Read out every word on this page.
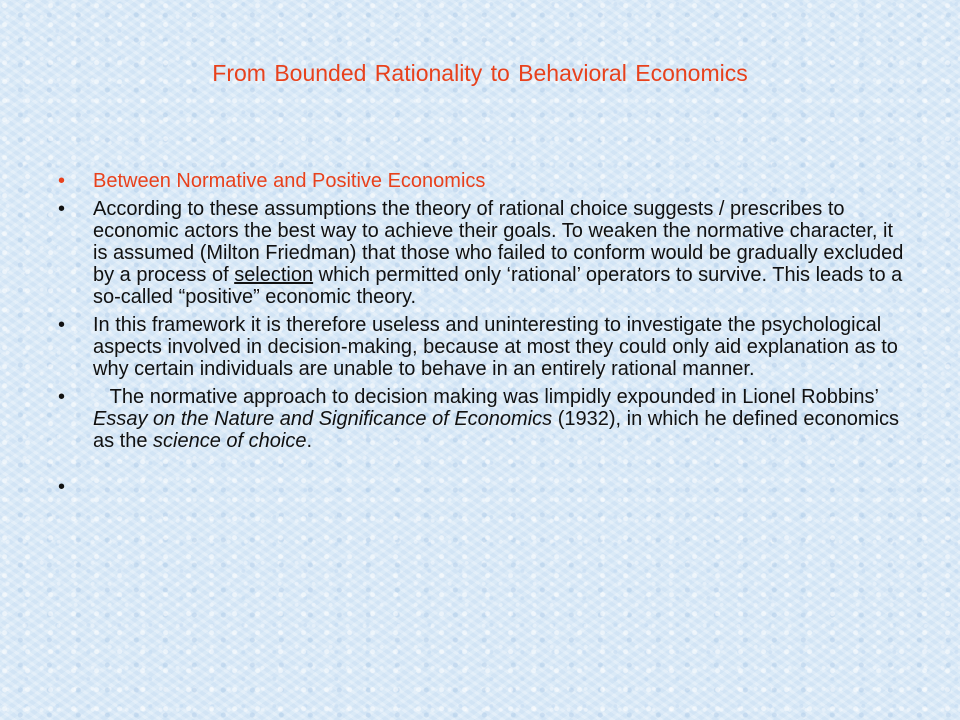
From Bounded Rationality to Behavioral Economics
• Between Normative and Positive Economics
• According to these assumptions the theory of rational choice suggests / prescribes to economic actors the best way to achieve their goals. To weaken the normative character, it is assumed (Milton Friedman) that those who failed to conform would be gradually excluded by a process of selection which permitted only ‘rational’ operators to survive. This leads to a so-called “positive” economic theory.
• In this framework it is therefore useless and uninteresting to investigate the psychological aspects involved in decision-making, because at most they could only aid explanation as to why certain individuals are unable to behave in an entirely rational manner.
• The normative approach to decision making was limpidly expounded in Lionel Robbins’ Essay on the Nature and Significance of Economics (1932), in which he defined economics as the science of choice.
•
